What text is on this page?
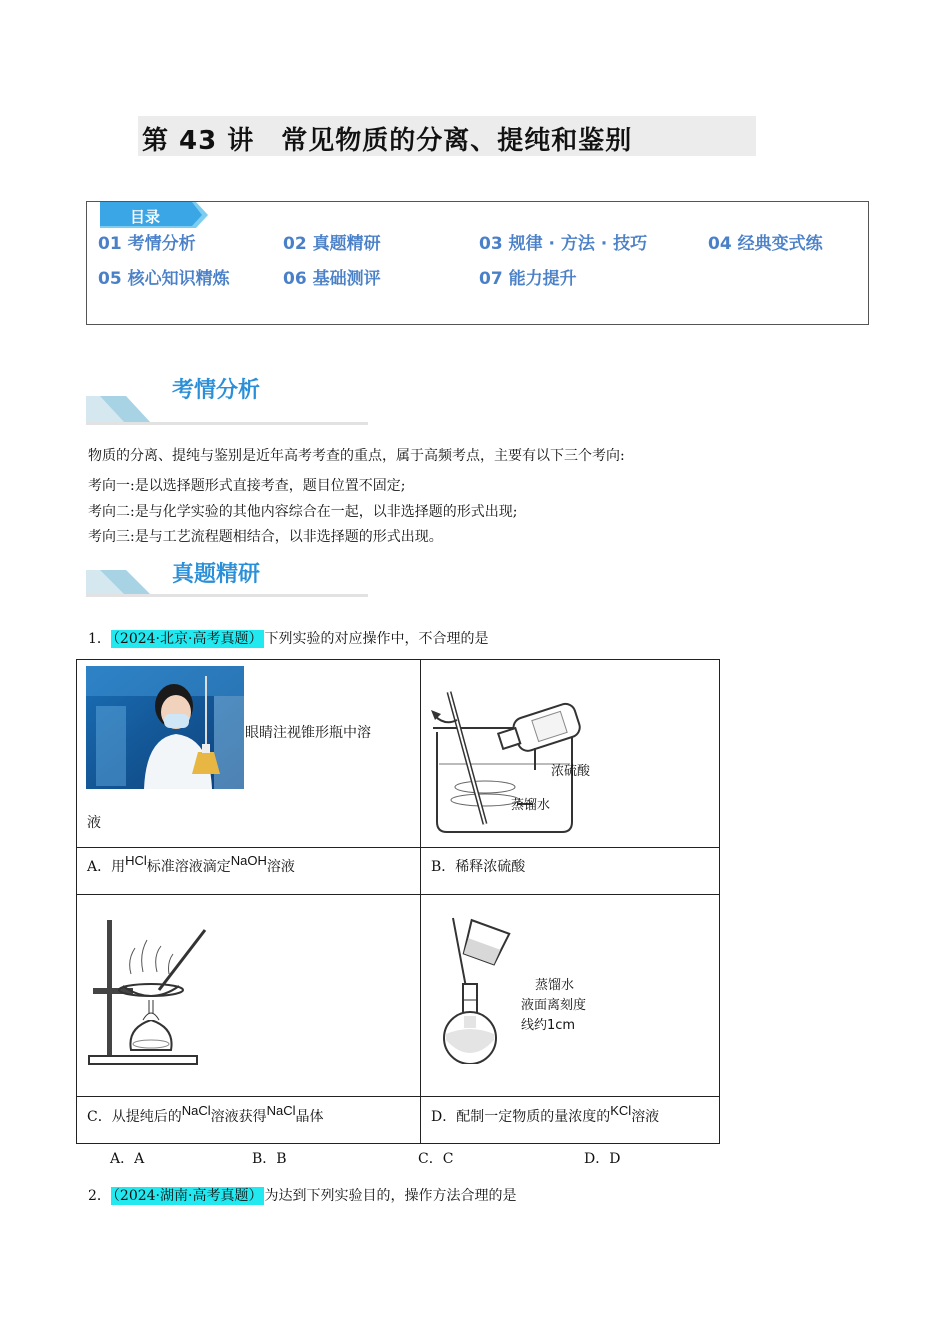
第 43 讲　常见物质的分离、提纯和鉴别
目录
01 考情分析	02 真题精研	03 规律 · 方法 · 技巧	04 经典变式练
05 核心知识精炼	06 基础测评	07 能力提升
考情分析
物质的分离、提纯与鉴别是近年高考考查的重点，属于高频考点，主要有以下三个考向:
考向一:是以选择题形式直接考查，题目位置不固定;
考向二:是与化学实验的其他内容综合在一起，以非选择题的形式出现;
考向三:是与工艺流程题相结合，以非选择题的形式出现。
真题精研
1． （2024·北京·高考真题） 下列实验的对应操作中，不合理的是
眼睛注视锥形瓶中溶
液
浓硫酸
蒸馏水
A．用HCl标准溶液滴定NaOH溶液	B．稀释浓硫酸
蒸馏水
液面离刻度
线约1cm
C．从提纯后的NaCl溶液获得NaCl晶体	D．配制一定物质的量浓度的KCl溶液
A．A	B．B	C．C	D．D
2． （2024·湖南·高考真题） 为达到下列实验目的，操作方法合理的是
